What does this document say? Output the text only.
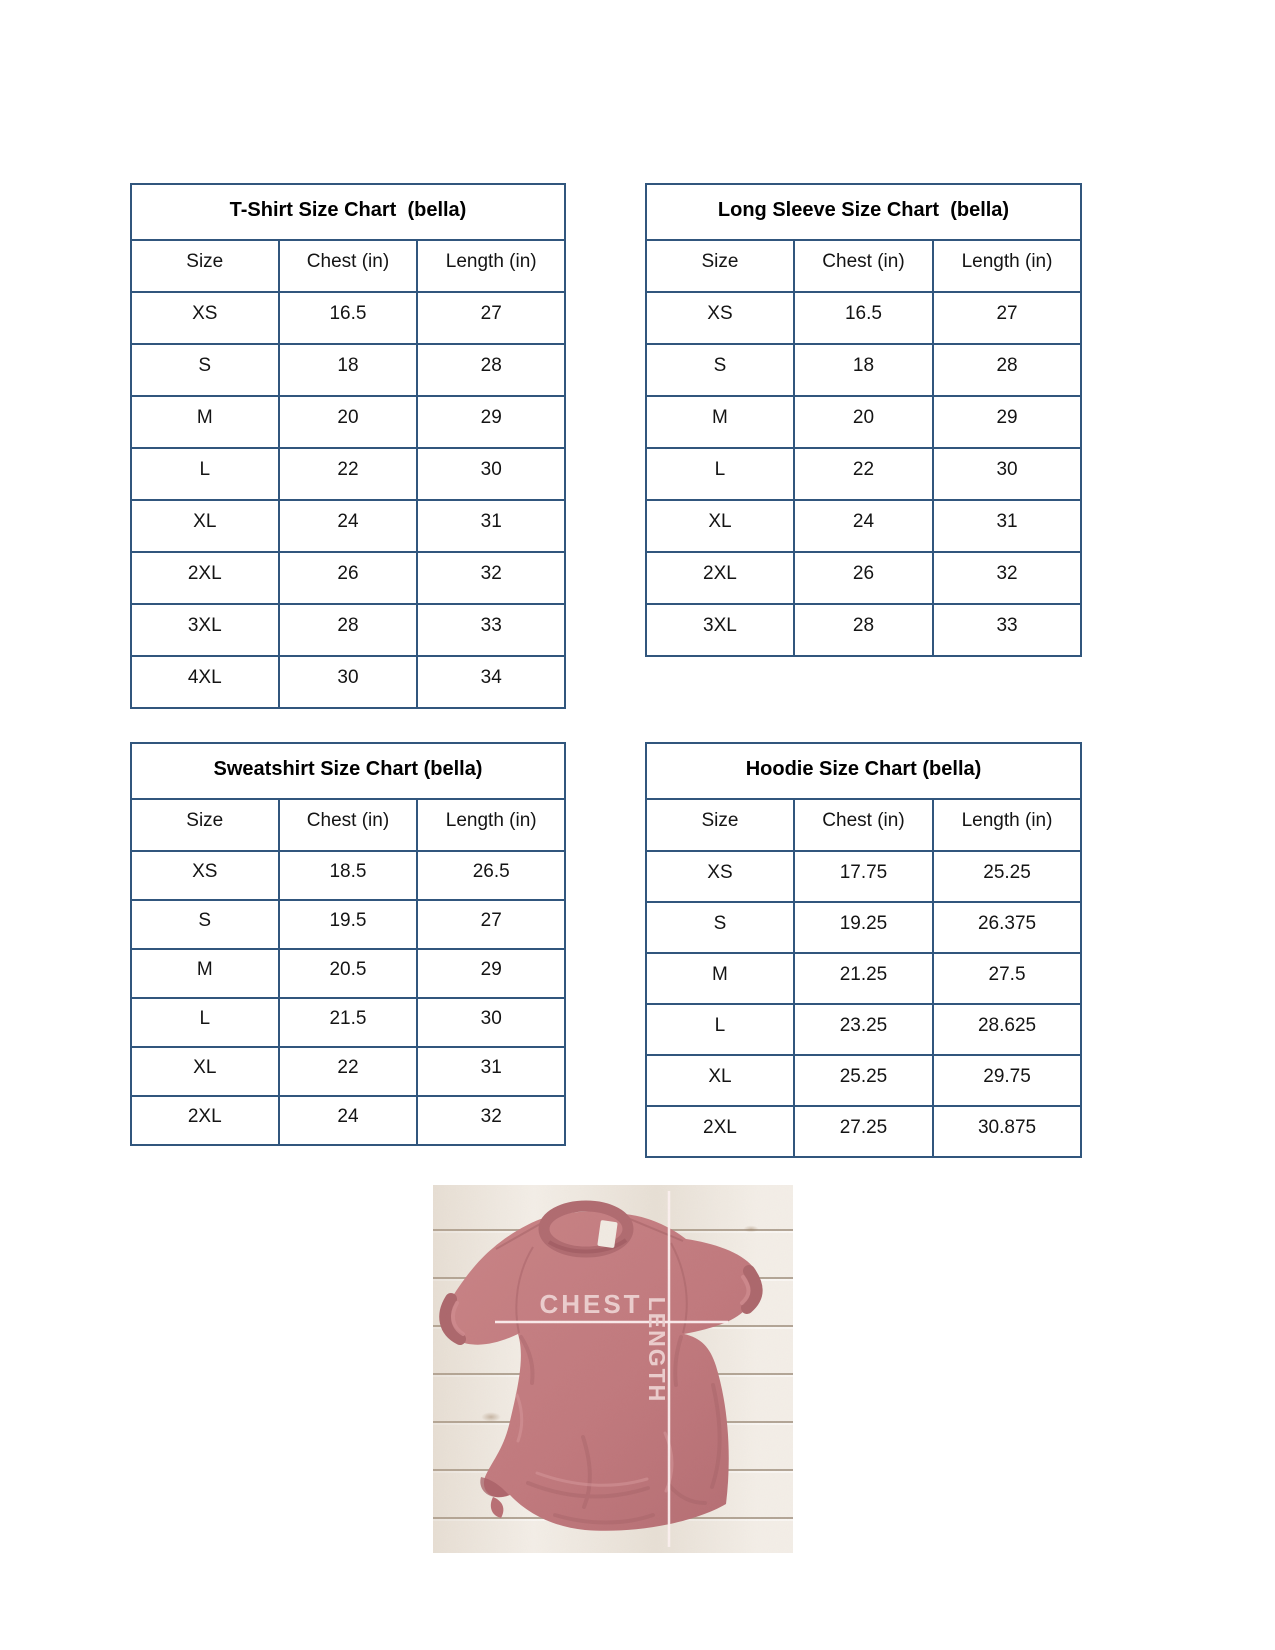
T-Shirt Size Chart  (bella)		
Size	Chest (in)	Length (in)
XS	16.5	27
S	18	28
M	20	29
L	22	30
XL	24	31
2XL	26	32
3XL	28	33
4XL	30	34
Long Sleeve Size Chart  (bella)		
Size	Chest (in)	Length (in)
XS	16.5	27
S	18	28
M	20	29
L	22	30
XL	24	31
2XL	26	32
3XL	28	33
Sweatshirt Size Chart (bella)		
Size	Chest (in)	Length (in)
XS	18.5	26.5
S	19.5	27
M	20.5	29
L	21.5	30
XL	22	31
2XL	24	32
Hoodie Size Chart (bella)		
Size	Chest (in)	Length (in)
XS	17.75	25.25
S	19.25	26.375
M	21.25	27.5
L	23.25	28.625
XL	25.25	29.75
2XL	27.25	30.875
